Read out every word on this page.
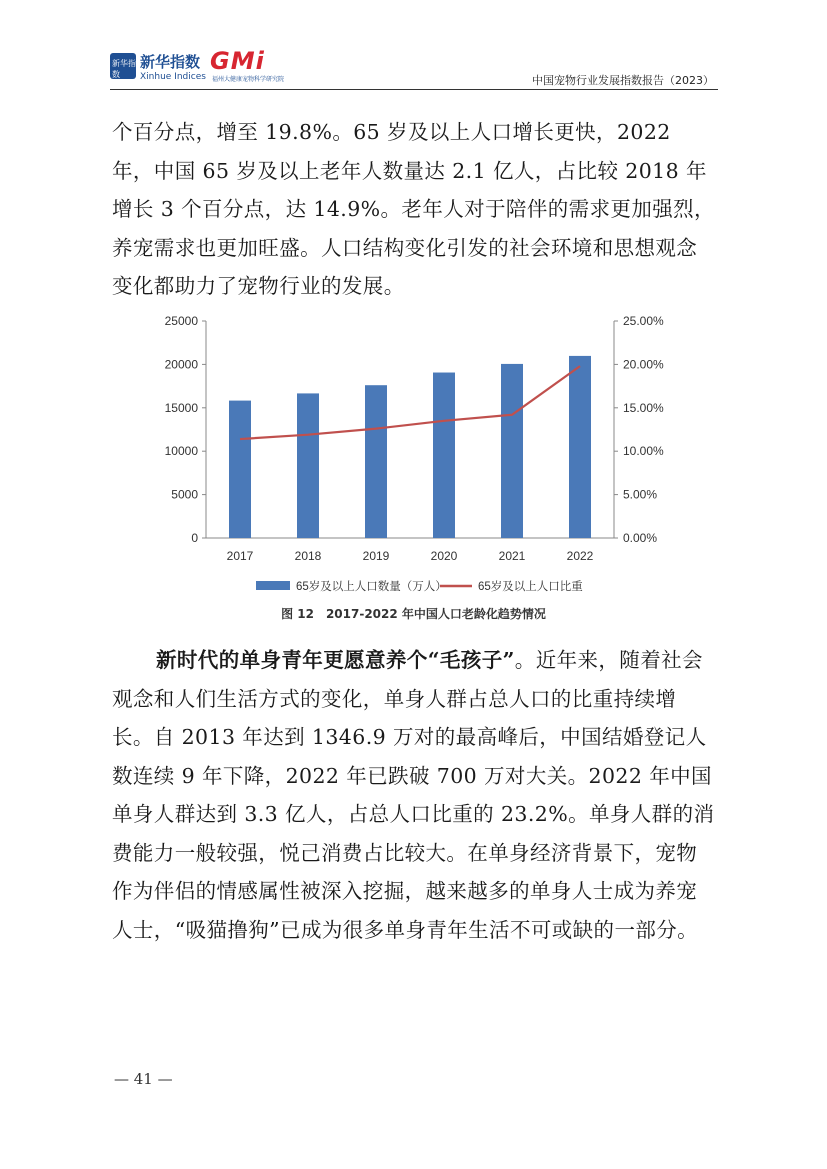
新华指数
新华指数
Xinhue Indices
GMi
福州大健康宠物科学研究院	中国宠物行业发展指数报告（2023）

个百分点，增至 19.8%。65 岁及以上人口增长更快，2022 年，中国 65 岁及以上老年人数量达 2.1 亿人，占比较 2018 年增长 3 个百分点，达 14.9%。老年人对于陪伴的需求更加强烈，养宠需求也更加旺盛。人口结构变化引发的社会环境和思想观念变化都助力了宠物行业的发展。

0
5000
10000
15000
20000
25000
0.00%
5.00%
10.00%
15.00%
20.00%
25.00%
2017	2018	2019	2020	2021	2022
65岁及以上人口数量（万人）	65岁及以上人口比重
图 12　2017-2022 年中国人口老龄化趋势情况

新时代的单身青年更愿意养个“毛孩子”。近年来，随着社会观念和人们生活方式的变化，单身人群占总人口的比重持续增长。自 2013 年达到 1346.9 万对的最高峰后，中国结婚登记人数连续 9 年下降，2022 年已跌破 700 万对大关。2022 年中国单身人群达到 3.3 亿人，占总人口比重的 23.2%。单身人群的消费能力一般较强，悦己消费占比较大。在单身经济背景下，宠物作为伴侣的情感属性被深入挖掘，越来越多的单身人士成为养宠人士，“吸猫撸狗”已成为很多单身青年生活不可或缺的一部分。

— 41 —
